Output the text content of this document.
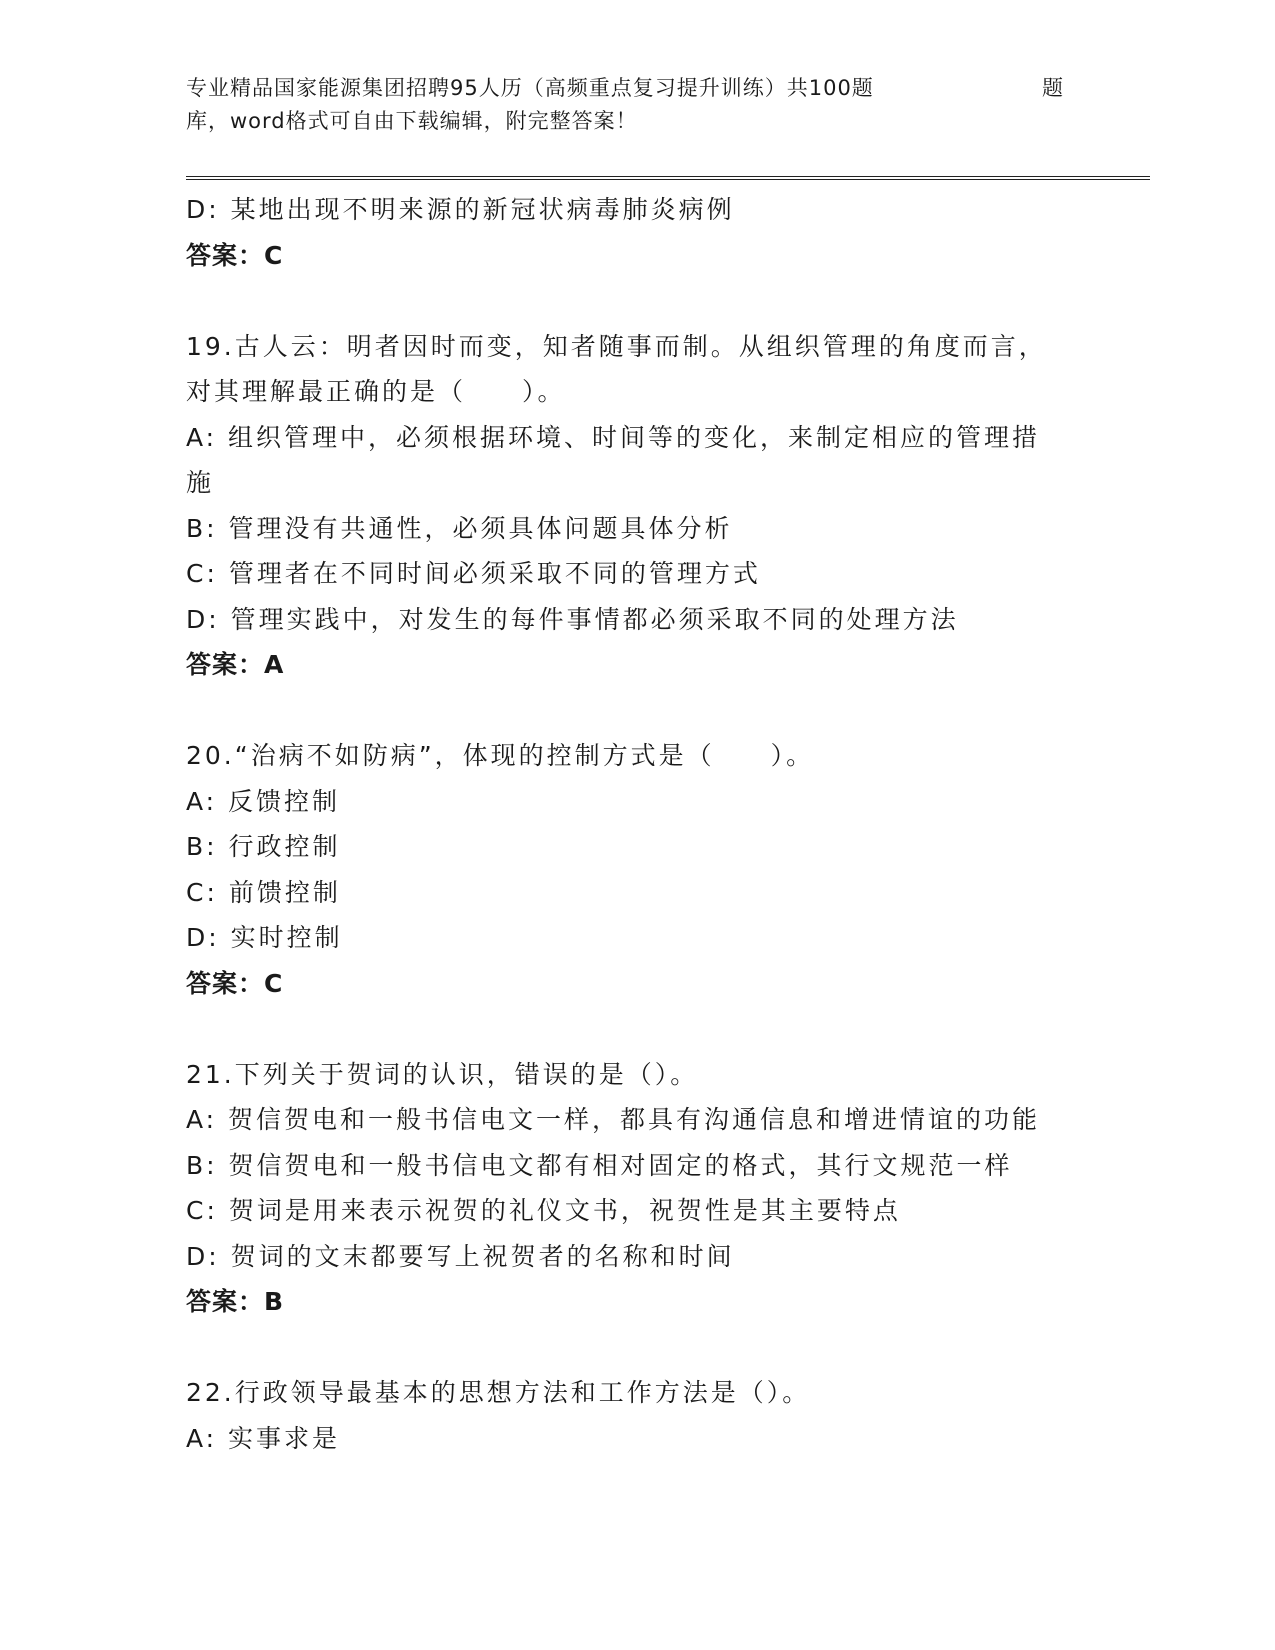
专业精品国家能源集团招聘95人历（高频重点复习提升训练）共100题	题
库，word格式可自由下载编辑，附完整答案！
D: 某地出现不明来源的新冠状病毒肺炎病例
答案：C
19.古人云：明者因时而变，知者随事而制。从组织管理的角度而言，
对其理解最正确的是（　　）。
A: 组织管理中，必须根据环境、时间等的变化，来制定相应的管理措
施
B: 管理没有共通性，必须具体问题具体分析
C: 管理者在不同时间必须采取不同的管理方式
D: 管理实践中，对发生的每件事情都必须采取不同的处理方法
答案：A
20.“治病不如防病”，体现的控制方式是（　　）。
A: 反馈控制
B: 行政控制
C: 前馈控制
D: 实时控制
答案：C
21.下列关于贺词的认识，错误的是（）。
A: 贺信贺电和一般书信电文一样，都具有沟通信息和增进情谊的功能
B: 贺信贺电和一般书信电文都有相对固定的格式，其行文规范一样
C: 贺词是用来表示祝贺的礼仪文书，祝贺性是其主要特点
D: 贺词的文末都要写上祝贺者的名称和时间
答案：B
22.行政领导最基本的思想方法和工作方法是（）。
A: 实事求是
